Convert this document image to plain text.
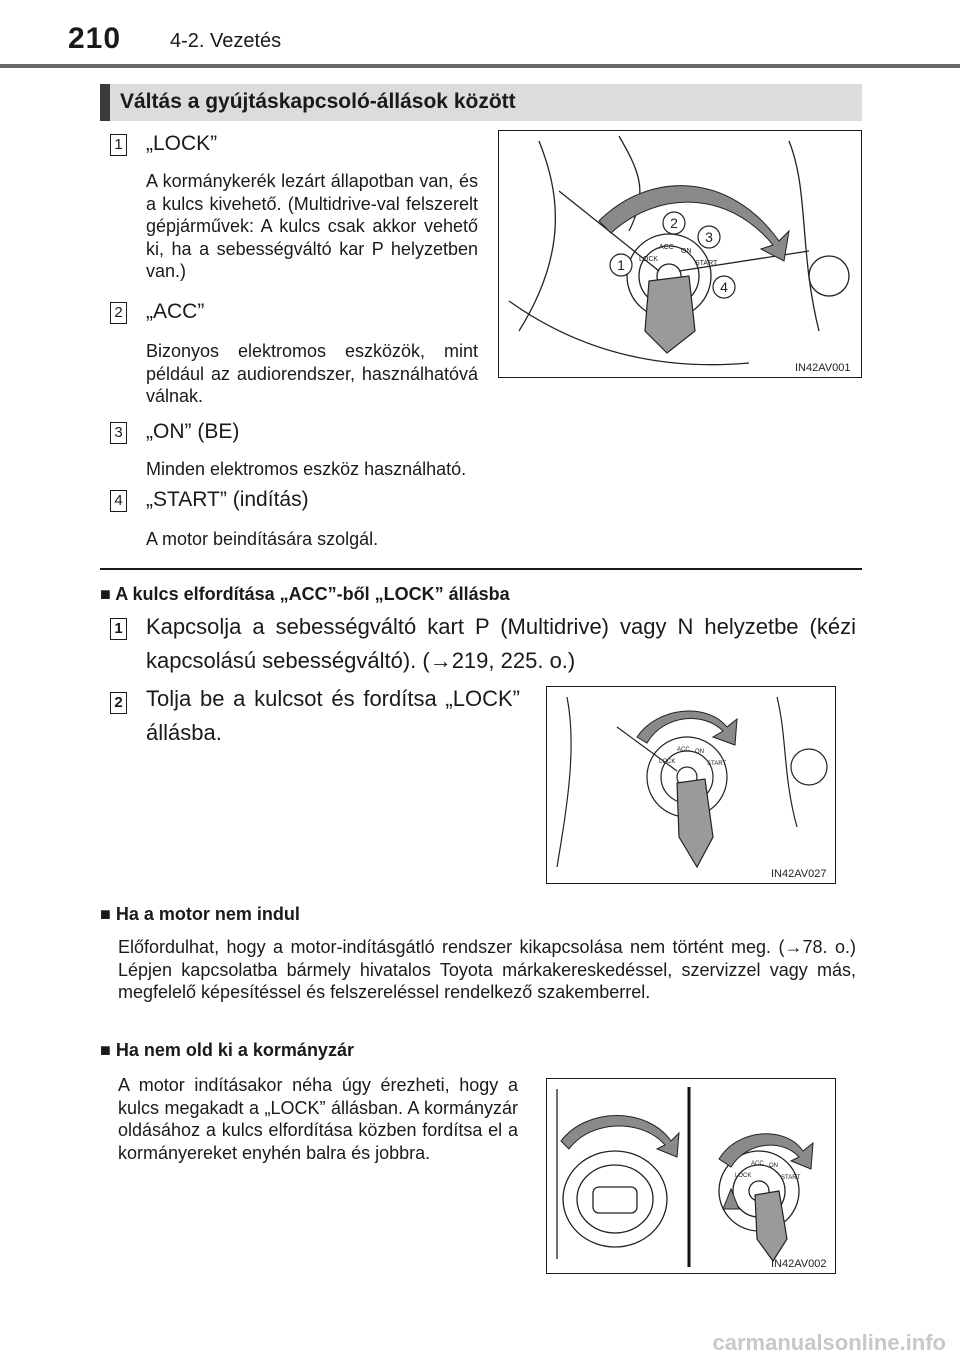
210 4-2. Vezetés
Váltás a gyújtáskapcsoló-állások között
1 „LOCK”
A kormánykerék lezárt állapotban van, és a kulcs kivehető. (Multidrive-val felszerelt gépjárművek: A kulcs csak akkor vehető ki, ha a sebességváltó kar P helyzetben van.)
2 „ACC”
Bizonyos elektromos eszközök, mint például az audiorendszer, használhatóvá válnak.
3 „ON” (BE)
Minden elektromos eszköz használható.
4 „START” (indítás)
A motor beindítására szolgál.
LOCK
ACC
ON
START
1
2
3
4
IN42AV001
■ A kulcs elfordítása „ACC”-ből „LOCK” állásba
1 Kapcsolja a sebességváltó kart P (Multidrive) vagy N helyzetbe (kézi kapcsolású sebességváltó). (→219, 225. o.)
2 Tolja be a kulcsot és fordítsa „LOCK” állásba.
LOCK
ACC ON
START
IN42AV027
■ Ha a motor nem indul
Előfordulhat, hogy a motor-indításgátló rendszer kikapcsolása nem történt meg. (→78. o.) Lépjen kapcsolatba bármely hivatalos Toyota márkakereskedéssel, szervizzel vagy más, megfelelő képesítéssel és felszereléssel rendelkező szakemberrel.
■ Ha nem old ki a kormányzár
A motor indításakor néha úgy érezheti, hogy a kulcs megakadt a „LOCK” állásban. A kormányzár oldásához a kulcs elfordítása közben fordítsa el a kormányereket enyhén balra és jobbra.
LOCK
ACC ON
START
IN42AV002
carmanualsonline.info
